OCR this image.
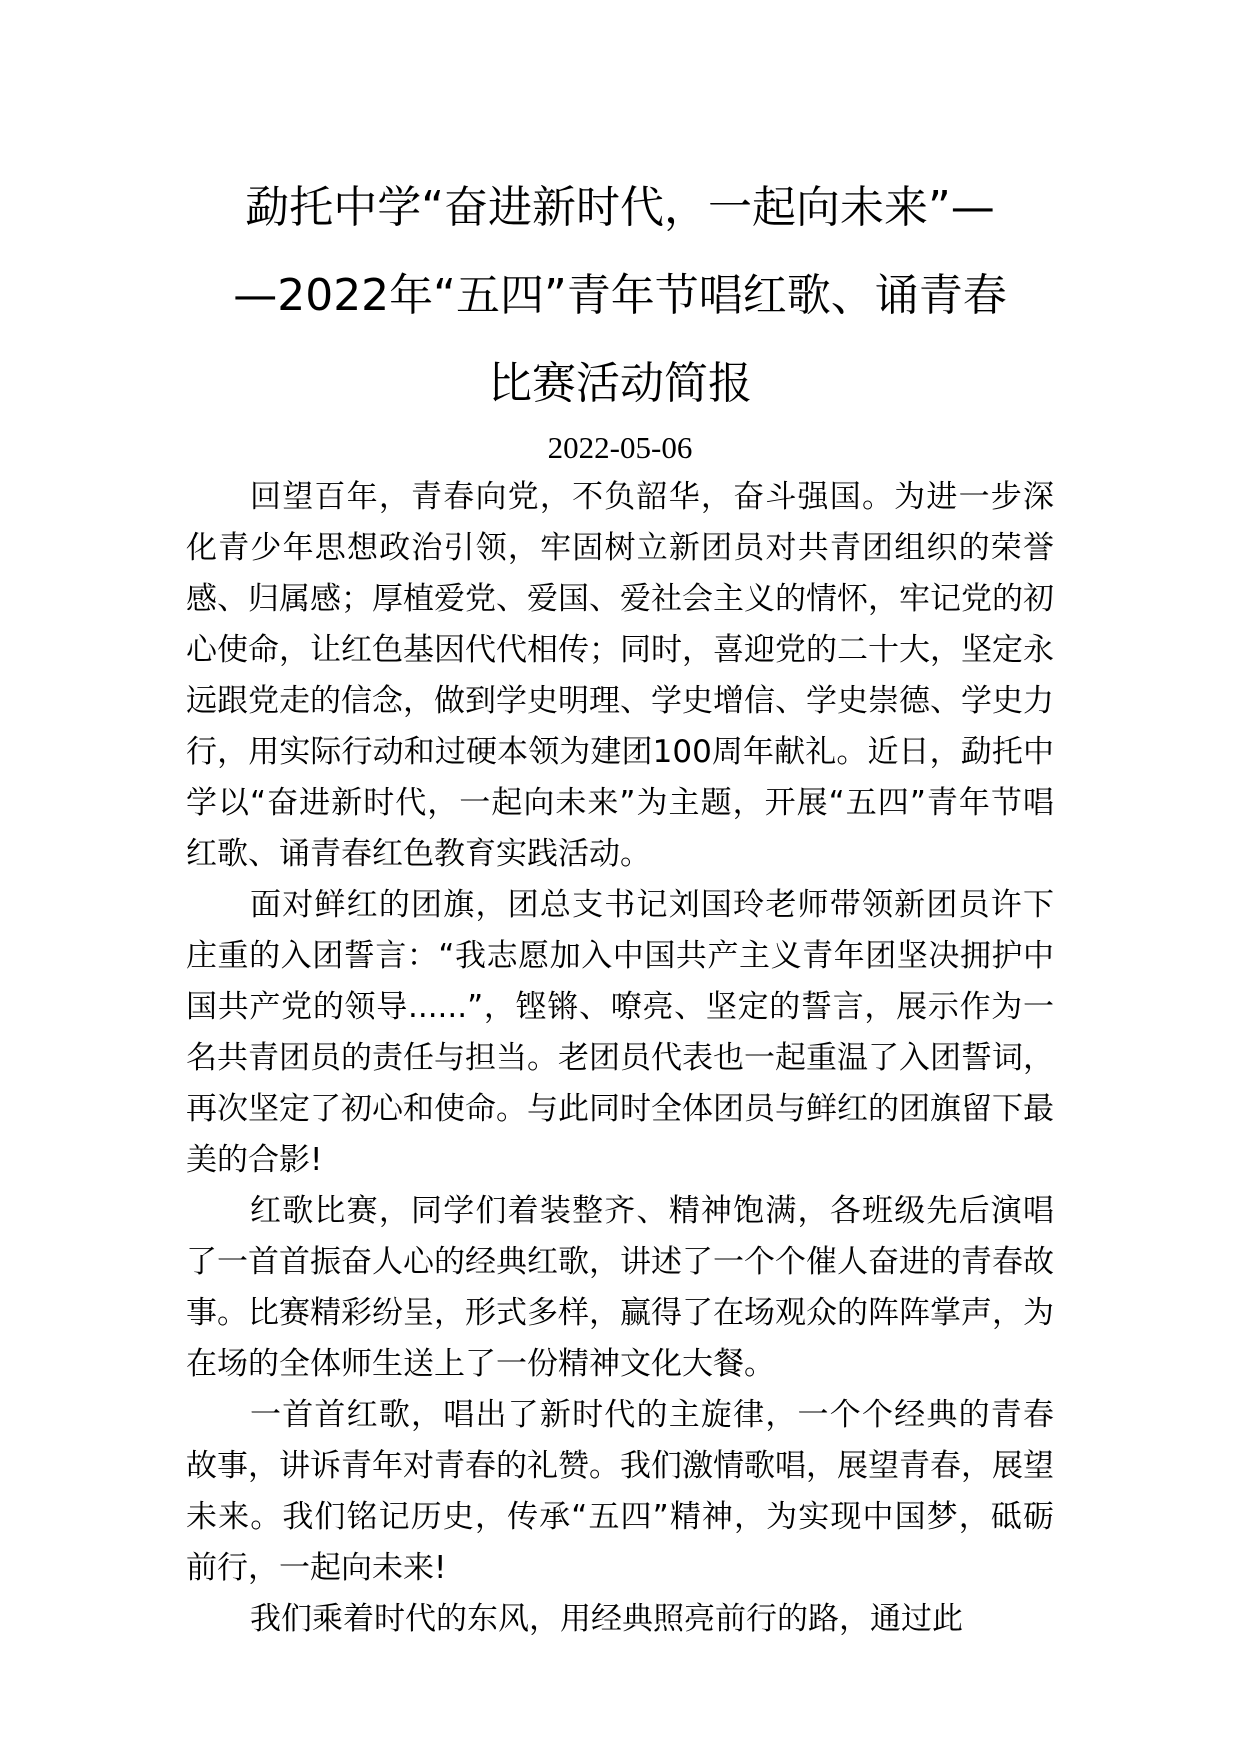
勐托中学“奋进新时代，一起向未来”—
—2022年“五四”青年节唱红歌、诵青春
比赛活动简报
2022-05-06

回望百年，青春向党，不负韶华，奋斗强国。为进一步深化青少年思想政治引领，牢固树立新团员对共青团组织的荣誉感、归属感；厚植爱党、爱国、爱社会主义的情怀，牢记党的初心使命，让红色基因代代相传；同时，喜迎党的二十大，坚定永远跟党走的信念，做到学史明理、学史增信、学史崇德、学史力行，用实际行动和过硬本领为建团100周年献礼。近日，勐托中学以“奋进新时代，一起向未来”为主题，开展“五四”青年节唱红歌、诵青春红色教育实践活动。

面对鲜红的团旗，团总支书记刘国玲老师带领新团员许下庄重的入团誓言：“我志愿加入中国共产主义青年团坚决拥护中国共产党的领导......”，铿锵、嘹亮、坚定的誓言，展示作为一名共青团员的责任与担当。老团员代表也一起重温了入团誓词，再次坚定了初心和使命。与此同时全体团员与鲜红的团旗留下最美的合影!

红歌比赛，同学们着装整齐、精神饱满，各班级先后演唱了一首首振奋人心的经典红歌，讲述了一个个催人奋进的青春故事。比赛精彩纷呈，形式多样，赢得了在场观众的阵阵掌声，为在场的全体师生送上了一份精神文化大餐。

一首首红歌，唱出了新时代的主旋律，一个个经典的青春故事，讲诉青年对青春的礼赞。我们激情歌唱，展望青春，展望未来。我们铭记历史，传承“五四”精神，为实现中国梦，砥砺前行，一起向未来!

我们乘着时代的东风，用经典照亮前行的路，通过此
